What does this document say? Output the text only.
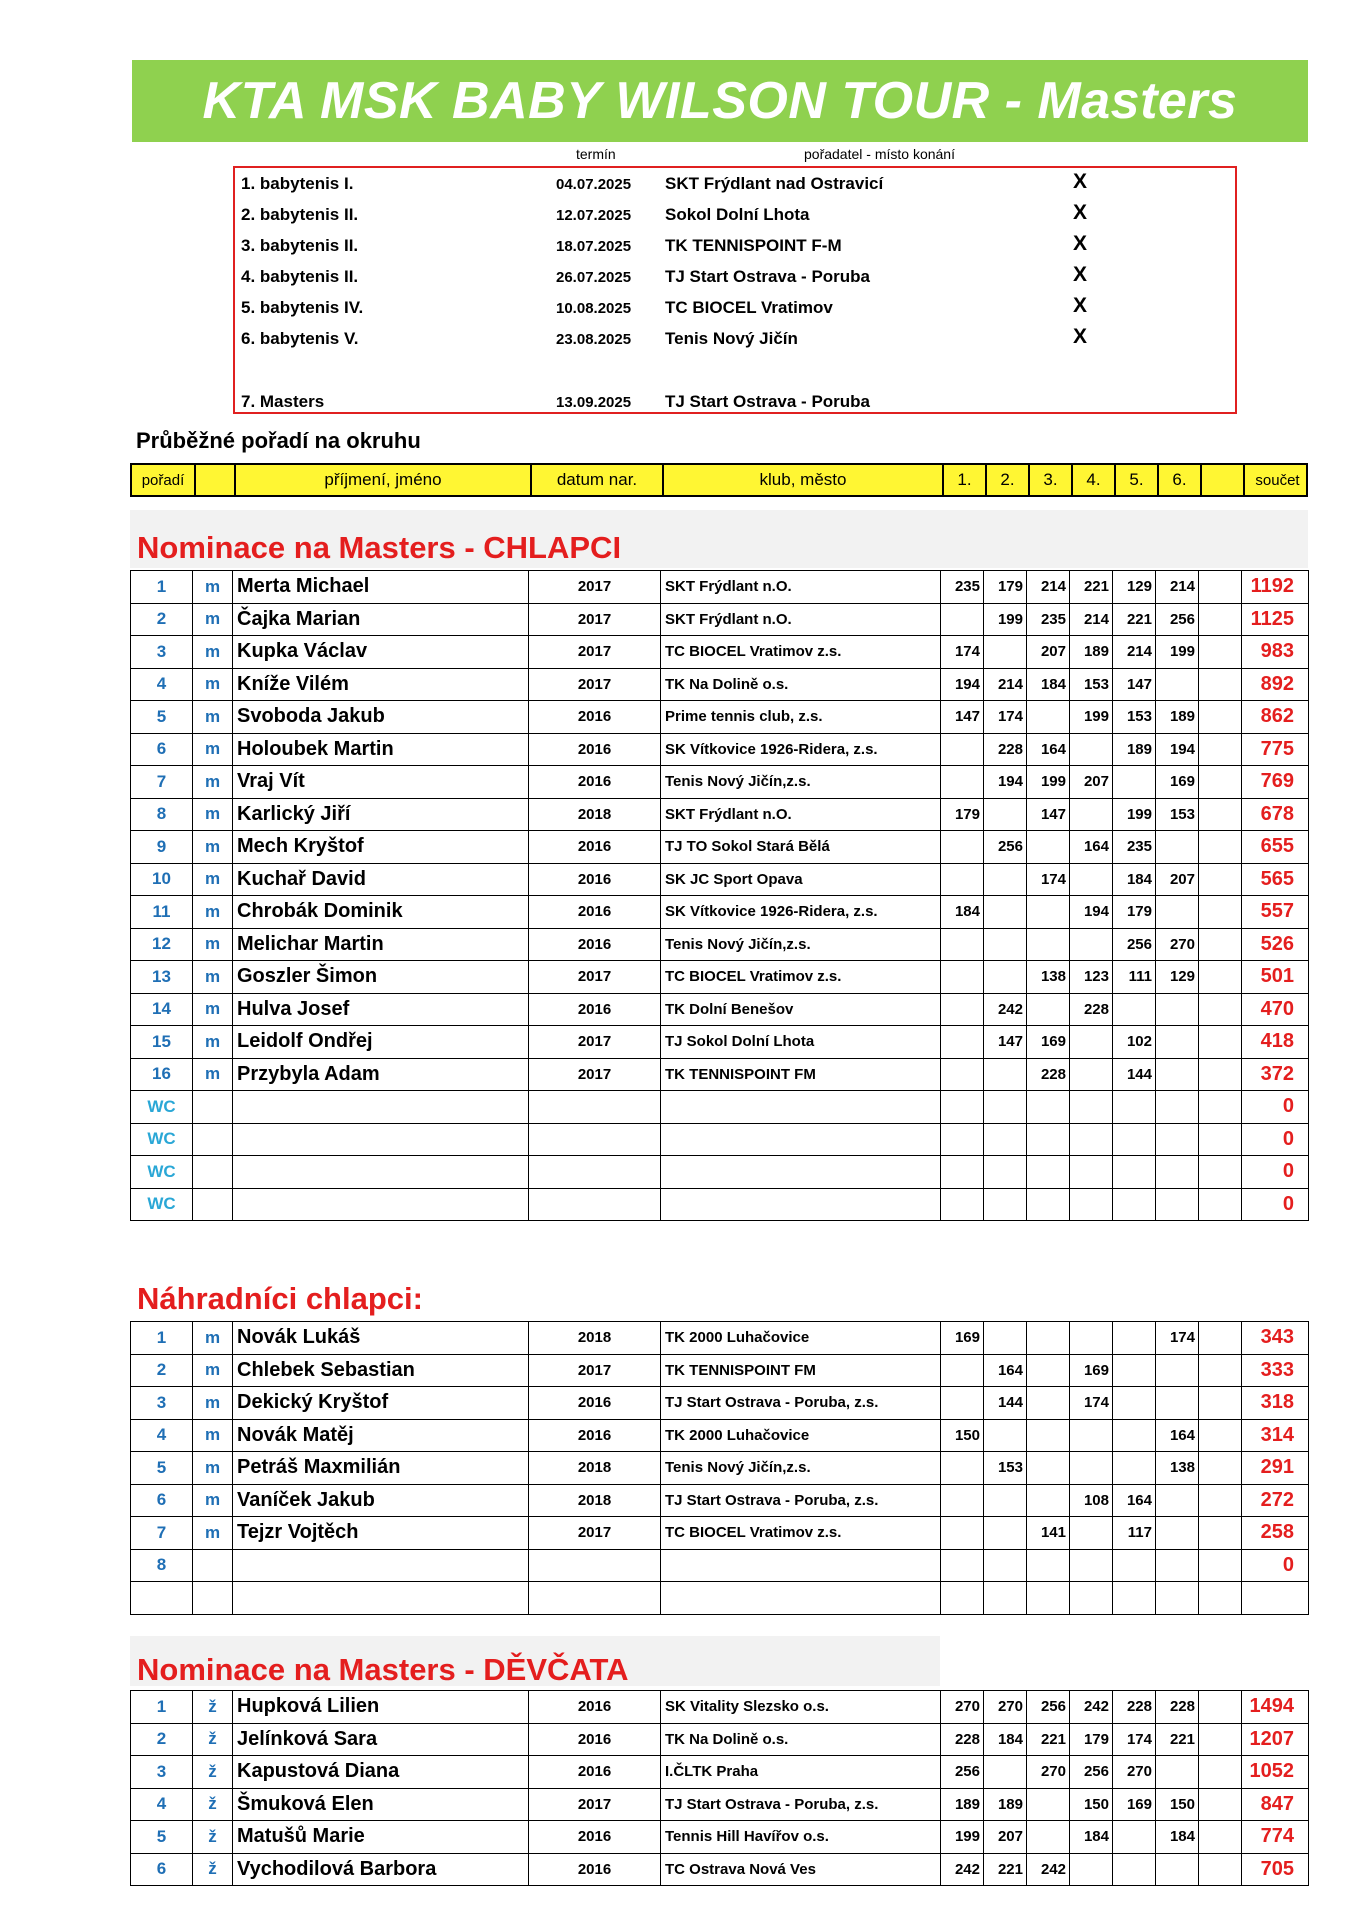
KTA MSK BABY WILSON TOUR - Masters
termín	pořadatel - místo konání
1. babytenis I.	04.07.2025 SKT Frýdlant nad Ostravicí	X
2. babytenis II.	12.07.2025 Sokol Dolní Lhota	X
3. babytenis II.	18.07.2025 TK TENNISPOINT F-M	X
4. babytenis II.	26.07.2025 TJ Start Ostrava - Poruba	X
5. babytenis IV.	10.08.2025 TC BIOCEL Vratimov	X
6. babytenis V.	23.08.2025 Tenis Nový Jičín	X
7. Masters	13.09.2025 TJ Start Ostrava - Poruba
Průběžné pořadí na okruhu
pořadí	příjmení, jméno	datum nar.	klub, město	1.	2.	3.	4.	5.	6.	součet
Nominace na Masters - CHLAPCI
1	m	Merta Michael	2017	SKT Frýdlant n.O.	235	179	214	221	129	214		1192
2	m	Čajka Marian	2017	SKT Frýdlant n.O.		199	235	214	221	256		1125
3	m	Kupka Václav	2017	TC BIOCEL Vratimov z.s.	174		207	189	214	199		983
4	m	Kníže Vilém	2017	TK Na Dolině o.s.	194	214	184	153	147			892
5	m	Svoboda Jakub	2016	Prime tennis club, z.s.	147	174		199	153	189		862
6	m	Holoubek Martin	2016	SK Vítkovice 1926-Ridera, z.s.		228	164		189	194		775
7	m	Vraj Vít	2016	Tenis Nový Jičín,z.s.		194	199	207		169		769
8	m	Karlický Jiří	2018	SKT Frýdlant n.O.	179		147		199	153		678
9	m	Mech Kryštof	2016	TJ TO Sokol Stará Bělá		256		164	235			655
10	m	Kuchař David	2016	SK JC Sport Opava			174		184	207		565
11	m	Chrobák Dominik	2016	SK Vítkovice 1926-Ridera, z.s.	184			194	179			557
12	m	Melichar Martin	2016	Tenis Nový Jičín,z.s.					256	270		526
13	m	Goszler Šimon	2017	TC BIOCEL Vratimov z.s.			138	123	111	129		501
14	m	Hulva Josef	2016	TK Dolní Benešov		242		228				470
15	m	Leidolf Ondřej	2017	TJ Sokol Dolní Lhota		147	169		102			418
16	m	Przybyla Adam	2017	TK TENNISPOINT FM			228		144			372
WC												0
WC												0
WC												0
WC												0
Náhradníci chlapci:
1	m	Novák Lukáš	2018	TK 2000 Luhačovice	169					174		343
2	m	Chlebek Sebastian	2017	TK TENNISPOINT FM		164		169				333
3	m	Dekický Kryštof	2016	TJ Start Ostrava - Poruba, z.s.		144		174				318
4	m	Novák Matěj	2016	TK 2000 Luhačovice	150					164		314
5	m	Petráš Maxmilián	2018	Tenis Nový Jičín,z.s.		153				138		291
6	m	Vaníček Jakub	2018	TJ Start Ostrava - Poruba, z.s.				108	164			272
7	m	Tejzr Vojtěch	2017	TC BIOCEL Vratimov z.s.			141		117			258
8												0

Nominace na Masters - DĚVČATA
1	ž	Hupková Lilien	2016	SK Vitality Slezsko o.s.	270	270	256	242	228	228		1494
2	ž	Jelínková Sara	2016	TK Na Dolině o.s.	228	184	221	179	174	221		1207
3	ž	Kapustová Diana	2016	I.ČLTK Praha	256		270	256	270			1052
4	ž	Šmuková Elen	2017	TJ Start Ostrava - Poruba, z.s.	189	189		150	169	150		847
5	ž	Matušů Marie	2016	Tennis Hill Havířov o.s.	199	207		184		184		774
6	ž	Vychodilová Barbora	2016	TC Ostrava Nová Ves	242	221	242					705
